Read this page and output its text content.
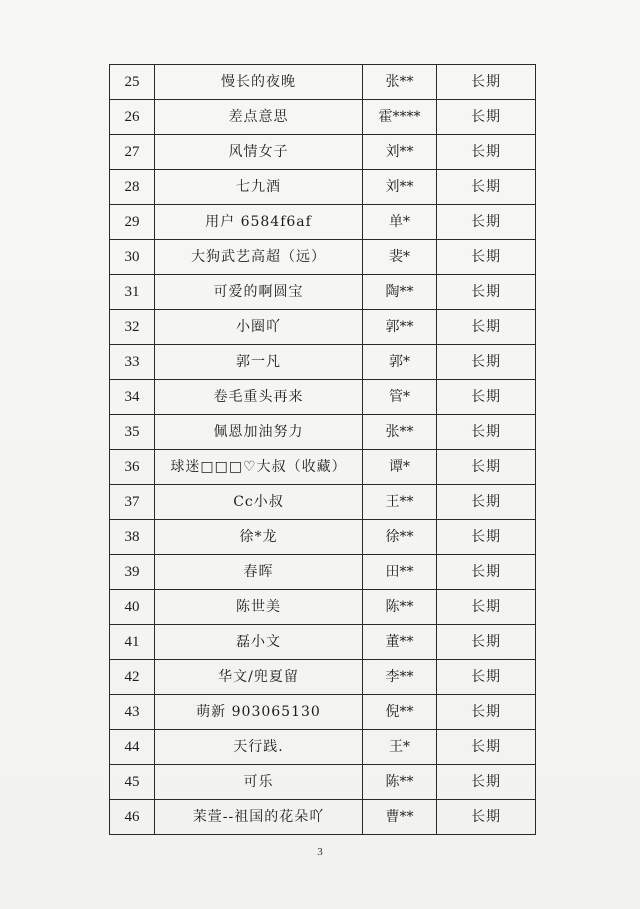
25	慢长的夜晚	张**	长期
26	差点意思	霍****	长期
27	风情女子	刘**	长期
28	七九酒	刘**	长期
29	用户 6584f6af	单*	长期
30	大狗武艺高超（远）	裴*	长期
31	可爱的啊圆宝	陶**	长期
32	小圈吖	郭**	长期
33	郭一凡	郭*	长期
34	卷毛重头再来	管*	长期
35	佩恩加油努力	张**	长期
36	球迷□□□♡大叔（收藏）	谭*	长期
37	Cc小叔	王**	长期
38	徐*龙	徐**	长期
39	春晖	田**	长期
40	陈世美	陈**	长期
41	磊小文	董**	长期
42	华文/兜夏留	李**	长期
43	萌新 903065130	倪**	长期
44	天行践.	王*	长期
45	可乐	陈**	长期
46	茉萱--祖国的花朵吖	曹**	长期
3
